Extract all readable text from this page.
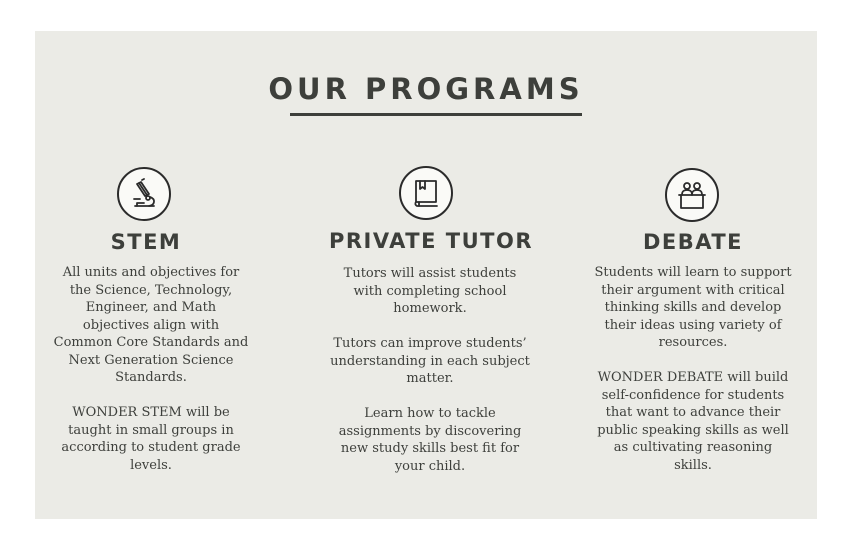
OUR PROGRAMS
STEM

All units and objectives for the Science, Technology, Engineer, and Math objectives align with Common Core Standards and Next Generation Science Standards.

WONDER STEM will be taught in small groups in according to student grade levels.

PRIVATE TUTOR

Tutors will assist students with completing school homework.

Tutors can improve students’ understanding in each subject matter.

Learn how to tackle assignments by discovering new study skills best fit for your child.

DEBATE

Students will learn to support their argument with critical thinking skills and develop their ideas using variety of resources.

WONDER DEBATE will build self-confidence for students that want to advance their public speaking skills as well as cultivating reasoning skills.
